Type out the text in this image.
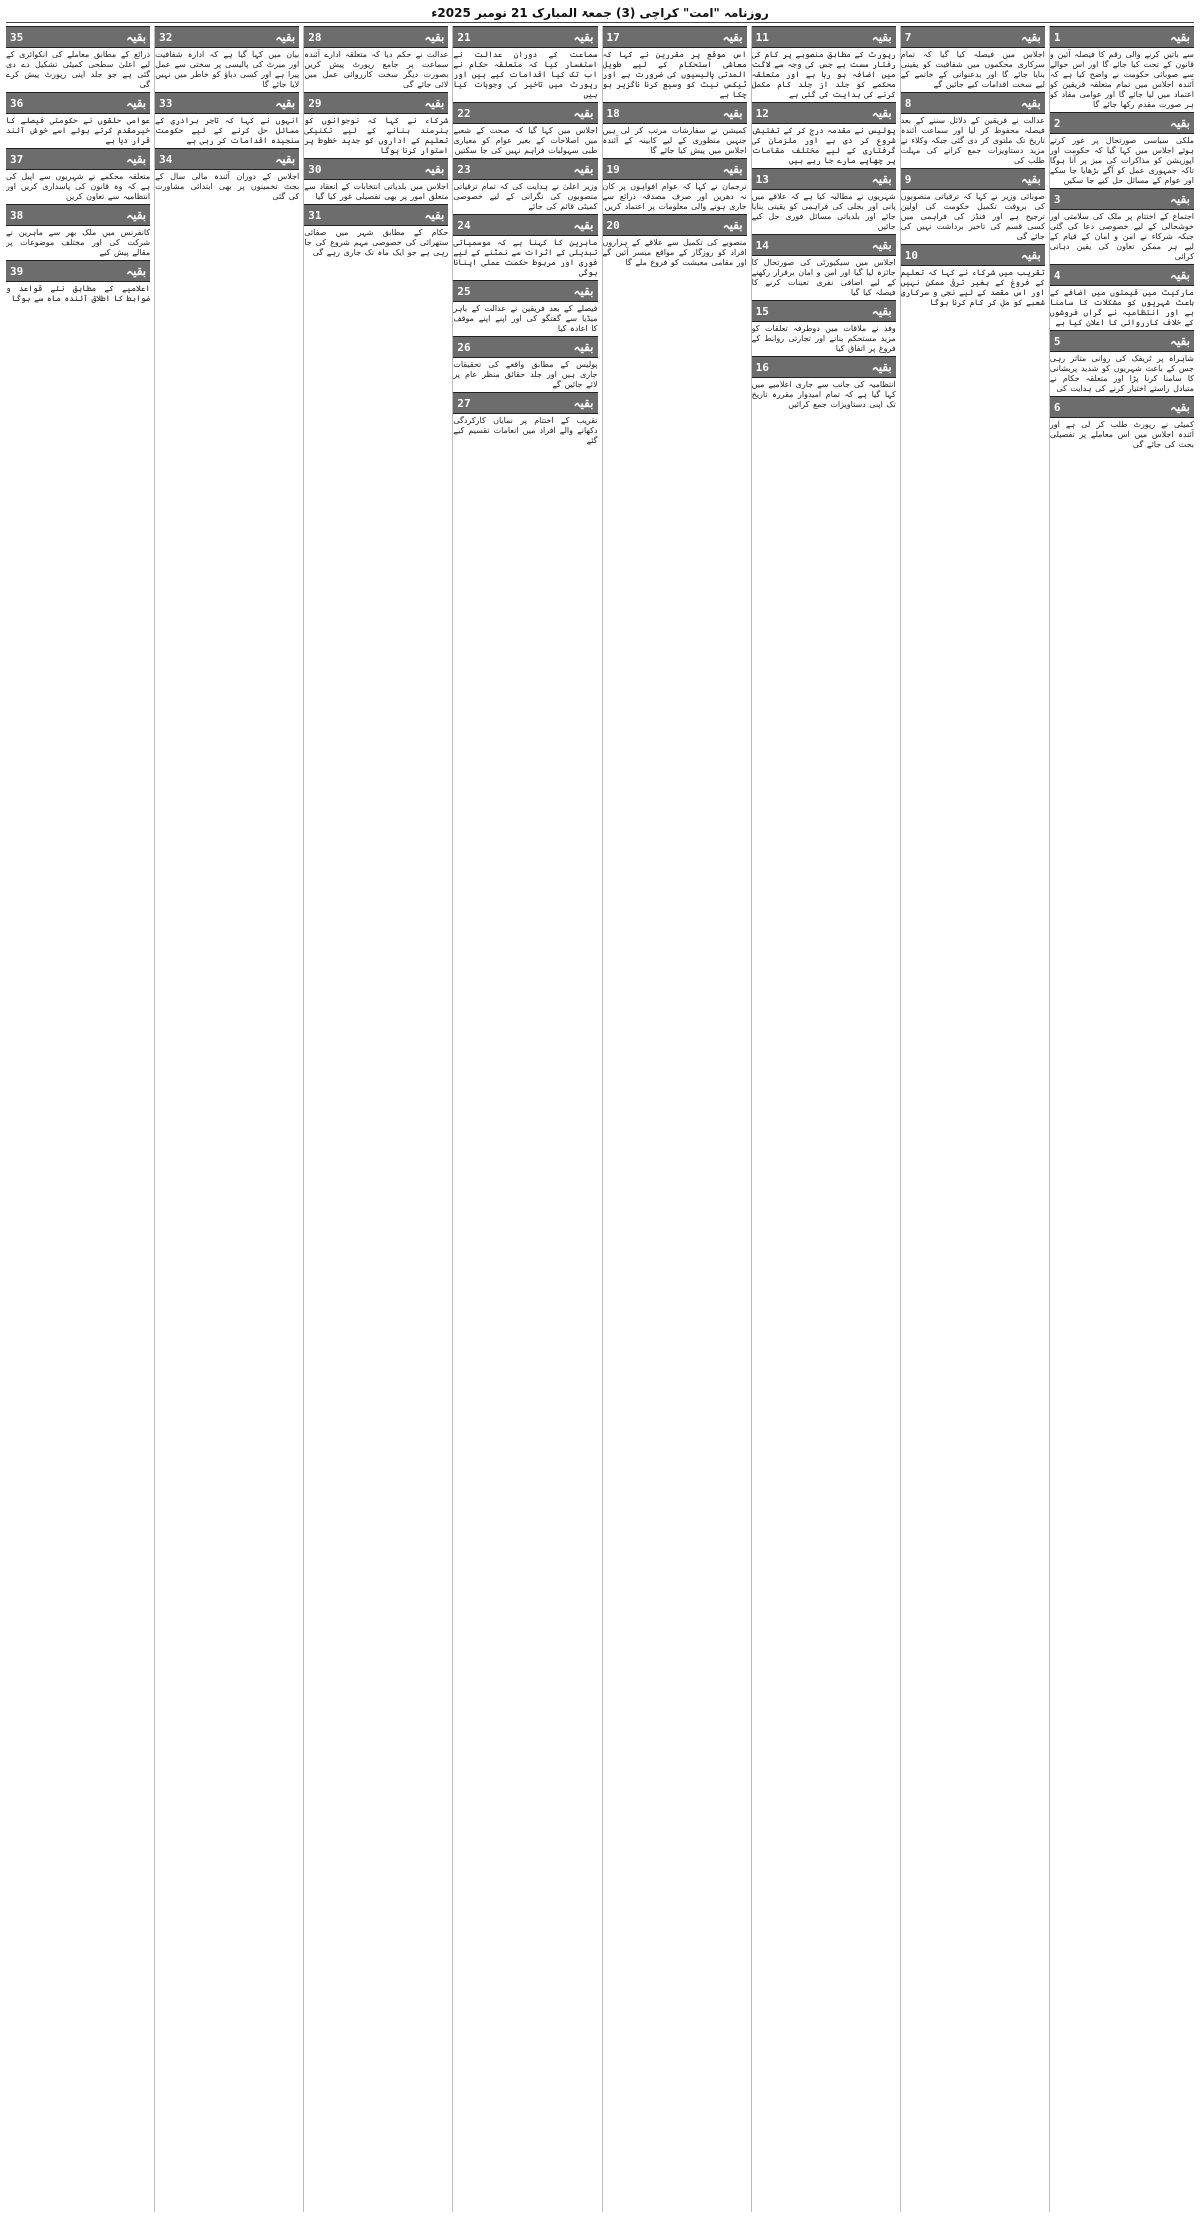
روزنامہ "امت" کراچی (3) جمعۃ المبارک 21 نومبر 2025ء
بقیہ
1
سے باتیں کرنے والی رقم کا فیصلہ آئین و قانون کے تحت کیا جائے گا اور اس حوالے سے صوبائی حکومت نے واضح کیا ہے کہ آئندہ اجلاس میں تمام متعلقہ فریقین کو اعتماد میں لیا جائے گا اور عوامی مفاد کو ہر صورت مقدم رکھا جائے گا
بقیہ
2
ملکی سیاسی صورتحال پر غور کرتے ہوئے اجلاس میں کہا گیا کہ حکومت اور اپوزیشن کو مذاکرات کی میز پر آنا ہوگا تاکہ جمہوری عمل کو آگے بڑھایا جا سکے اور عوام کے مسائل حل کیے جا سکیں
بقیہ
3
اجتماع کے اختتام پر ملک کی سلامتی اور خوشحالی کے لیے خصوصی دعا کی گئی جبکہ شرکاء نے امن و امان کے قیام کے لیے ہر ممکن تعاون کی یقین دہانی کرائی
بقیہ
4
مارکیٹ میں قیمتوں میں اضافے کے باعث شہریوں کو مشکلات کا سامنا ہے اور انتظامیہ نے گراں فروشوں کے خلاف کارروائی کا اعلان کیا ہے
بقیہ
5
شاہراہ پر ٹریفک کی روانی متاثر رہی جس کے باعث شہریوں کو شدید پریشانی کا سامنا کرنا پڑا اور متعلقہ حکام نے متبادل راستے اختیار کرنے کی ہدایت کی
بقیہ
6
کمیٹی نے رپورٹ طلب کر لی ہے اور آئندہ اجلاس میں اس معاملے پر تفصیلی بحث کی جائے گی
بقیہ
7
اجلاس میں فیصلہ کیا گیا کہ تمام سرکاری محکموں میں شفافیت کو یقینی بنایا جائے گا اور بدعنوانی کے خاتمے کے لیے سخت اقدامات کیے جائیں گے
بقیہ
8
عدالت نے فریقین کے دلائل سننے کے بعد فیصلہ محفوظ کر لیا اور سماعت آئندہ تاریخ تک ملتوی کر دی گئی جبکہ وکلاء نے مزید دستاویزات جمع کرانے کی مہلت طلب کی
بقیہ
9
صوبائی وزیر نے کہا کہ ترقیاتی منصوبوں کی بروقت تکمیل حکومت کی اولین ترجیح ہے اور فنڈز کی فراہمی میں کسی قسم کی تاخیر برداشت نہیں کی جائے گی
بقیہ
10
تقریب میں شرکاء نے کہا کہ تعلیم کے فروغ کے بغیر ترقی ممکن نہیں اور اس مقصد کے لیے نجی و سرکاری شعبے کو مل کر کام کرنا ہوگا
بقیہ
11
رپورٹ کے مطابق منصوبے پر کام کی رفتار سست ہے جس کی وجہ سے لاگت میں اضافہ ہو رہا ہے اور متعلقہ محکمے کو جلد از جلد کام مکمل کرنے کی ہدایت کی گئی ہے
بقیہ
12
پولیس نے مقدمہ درج کر کے تفتیش شروع کر دی ہے اور ملزمان کی گرفتاری کے لیے مختلف مقامات پر چھاپے مارے جا رہے ہیں
بقیہ
13
شہریوں نے مطالبہ کیا ہے کہ علاقے میں پانی اور بجلی کی فراہمی کو یقینی بنایا جائے اور بلدیاتی مسائل فوری حل کیے جائیں
بقیہ
14
اجلاس میں سیکیورٹی کی صورتحال کا جائزہ لیا گیا اور امن و امان برقرار رکھنے کے لیے اضافی نفری تعینات کرنے کا فیصلہ کیا گیا
بقیہ
15
وفد نے ملاقات میں دوطرفہ تعلقات کو مزید مستحکم بنانے اور تجارتی روابط کے فروغ پر اتفاق کیا
بقیہ
16
انتظامیہ کی جانب سے جاری اعلامیے میں کہا گیا ہے کہ تمام امیدوار مقررہ تاریخ تک اپنی دستاویزات جمع کرائیں
بقیہ
17
اس موقع پر مقررین نے کہا کہ معاشی استحکام کے لیے طویل المدتی پالیسیوں کی ضرورت ہے اور ٹیکس نیٹ کو وسیع کرنا ناگزیر ہو چکا ہے
بقیہ
18
کمیشن نے سفارشات مرتب کر لی ہیں جنہیں منظوری کے لیے کابینہ کے آئندہ اجلاس میں پیش کیا جائے گا
بقیہ
19
ترجمان نے کہا کہ عوام افواہوں پر کان نہ دھریں اور صرف مصدقہ ذرائع سے جاری ہونے والی معلومات پر اعتماد کریں
بقیہ
20
منصوبے کی تکمیل سے علاقے کے ہزاروں افراد کو روزگار کے مواقع میسر آئیں گے اور مقامی معیشت کو فروغ ملے گا
بقیہ
21
سماعت کے دوران عدالت نے استفسار کیا کہ متعلقہ حکام نے اب تک کیا اقدامات کیے ہیں اور رپورٹ میں تاخیر کی وجوہات کیا ہیں
بقیہ
22
اجلاس میں کہا گیا کہ صحت کے شعبے میں اصلاحات کے بغیر عوام کو معیاری طبی سہولیات فراہم نہیں کی جا سکتیں
بقیہ
23
وزیر اعلیٰ نے ہدایت کی کہ تمام ترقیاتی منصوبوں کی نگرانی کے لیے خصوصی کمیٹی قائم کی جائے
بقیہ
24
ماہرین کا کہنا ہے کہ موسمیاتی تبدیلی کے اثرات سے نمٹنے کے لیے فوری اور مربوط حکمت عملی اپنانا ہوگی
بقیہ
25
فیصلے کے بعد فریقین نے عدالت کے باہر میڈیا سے گفتگو کی اور اپنے اپنے موقف کا اعادہ کیا
بقیہ
26
پولیس کے مطابق واقعے کی تحقیقات جاری ہیں اور جلد حقائق منظر عام پر لائے جائیں گے
بقیہ
27
تقریب کے اختتام پر نمایاں کارکردگی دکھانے والے افراد میں انعامات تقسیم کیے گئے
بقیہ
28
عدالت نے حکم دیا کہ متعلقہ ادارے آئندہ سماعت پر جامع رپورٹ پیش کریں بصورت دیگر سخت کارروائی عمل میں لائی جائے گی
بقیہ
29
شرکاء نے کہا کہ نوجوانوں کو ہنرمند بنانے کے لیے تکنیکی تعلیم کے اداروں کو جدید خطوط پر استوار کرنا ہوگا
بقیہ
30
اجلاس میں بلدیاتی انتخابات کے انعقاد سے متعلق امور پر بھی تفصیلی غور کیا گیا
بقیہ
31
حکام کے مطابق شہر میں صفائی ستھرائی کی خصوصی مہم شروع کی جا رہی ہے جو ایک ماہ تک جاری رہے گی
بقیہ
32
بیان میں کہا گیا ہے کہ ادارہ شفافیت اور میرٹ کی پالیسی پر سختی سے عمل پیرا ہے اور کسی دباؤ کو خاطر میں نہیں لایا جائے گا
بقیہ
33
انہوں نے کہا کہ تاجر برادری کے مسائل حل کرنے کے لیے حکومت سنجیدہ اقدامات کر رہی ہے
بقیہ
34
اجلاس کے دوران آئندہ مالی سال کے بجٹ تخمینوں پر بھی ابتدائی مشاورت کی گئی
بقیہ
35
ذرائع کے مطابق معاملے کی انکوائری کے لیے اعلیٰ سطحی کمیٹی تشکیل دے دی گئی ہے جو جلد اپنی رپورٹ پیش کرے گی
بقیہ
36
عوامی حلقوں نے حکومتی فیصلے کا خیرمقدم کرتے ہوئے اسے خوش آئند قرار دیا ہے
بقیہ
37
متعلقہ محکمے نے شہریوں سے اپیل کی ہے کہ وہ قانون کی پاسداری کریں اور انتظامیہ سے تعاون کریں
بقیہ
38
کانفرنس میں ملک بھر سے ماہرین نے شرکت کی اور مختلف موضوعات پر مقالے پیش کیے
بقیہ
39
اعلامیے کے مطابق نئے قواعد و ضوابط کا اطلاق آئندہ ماہ سے ہوگا
